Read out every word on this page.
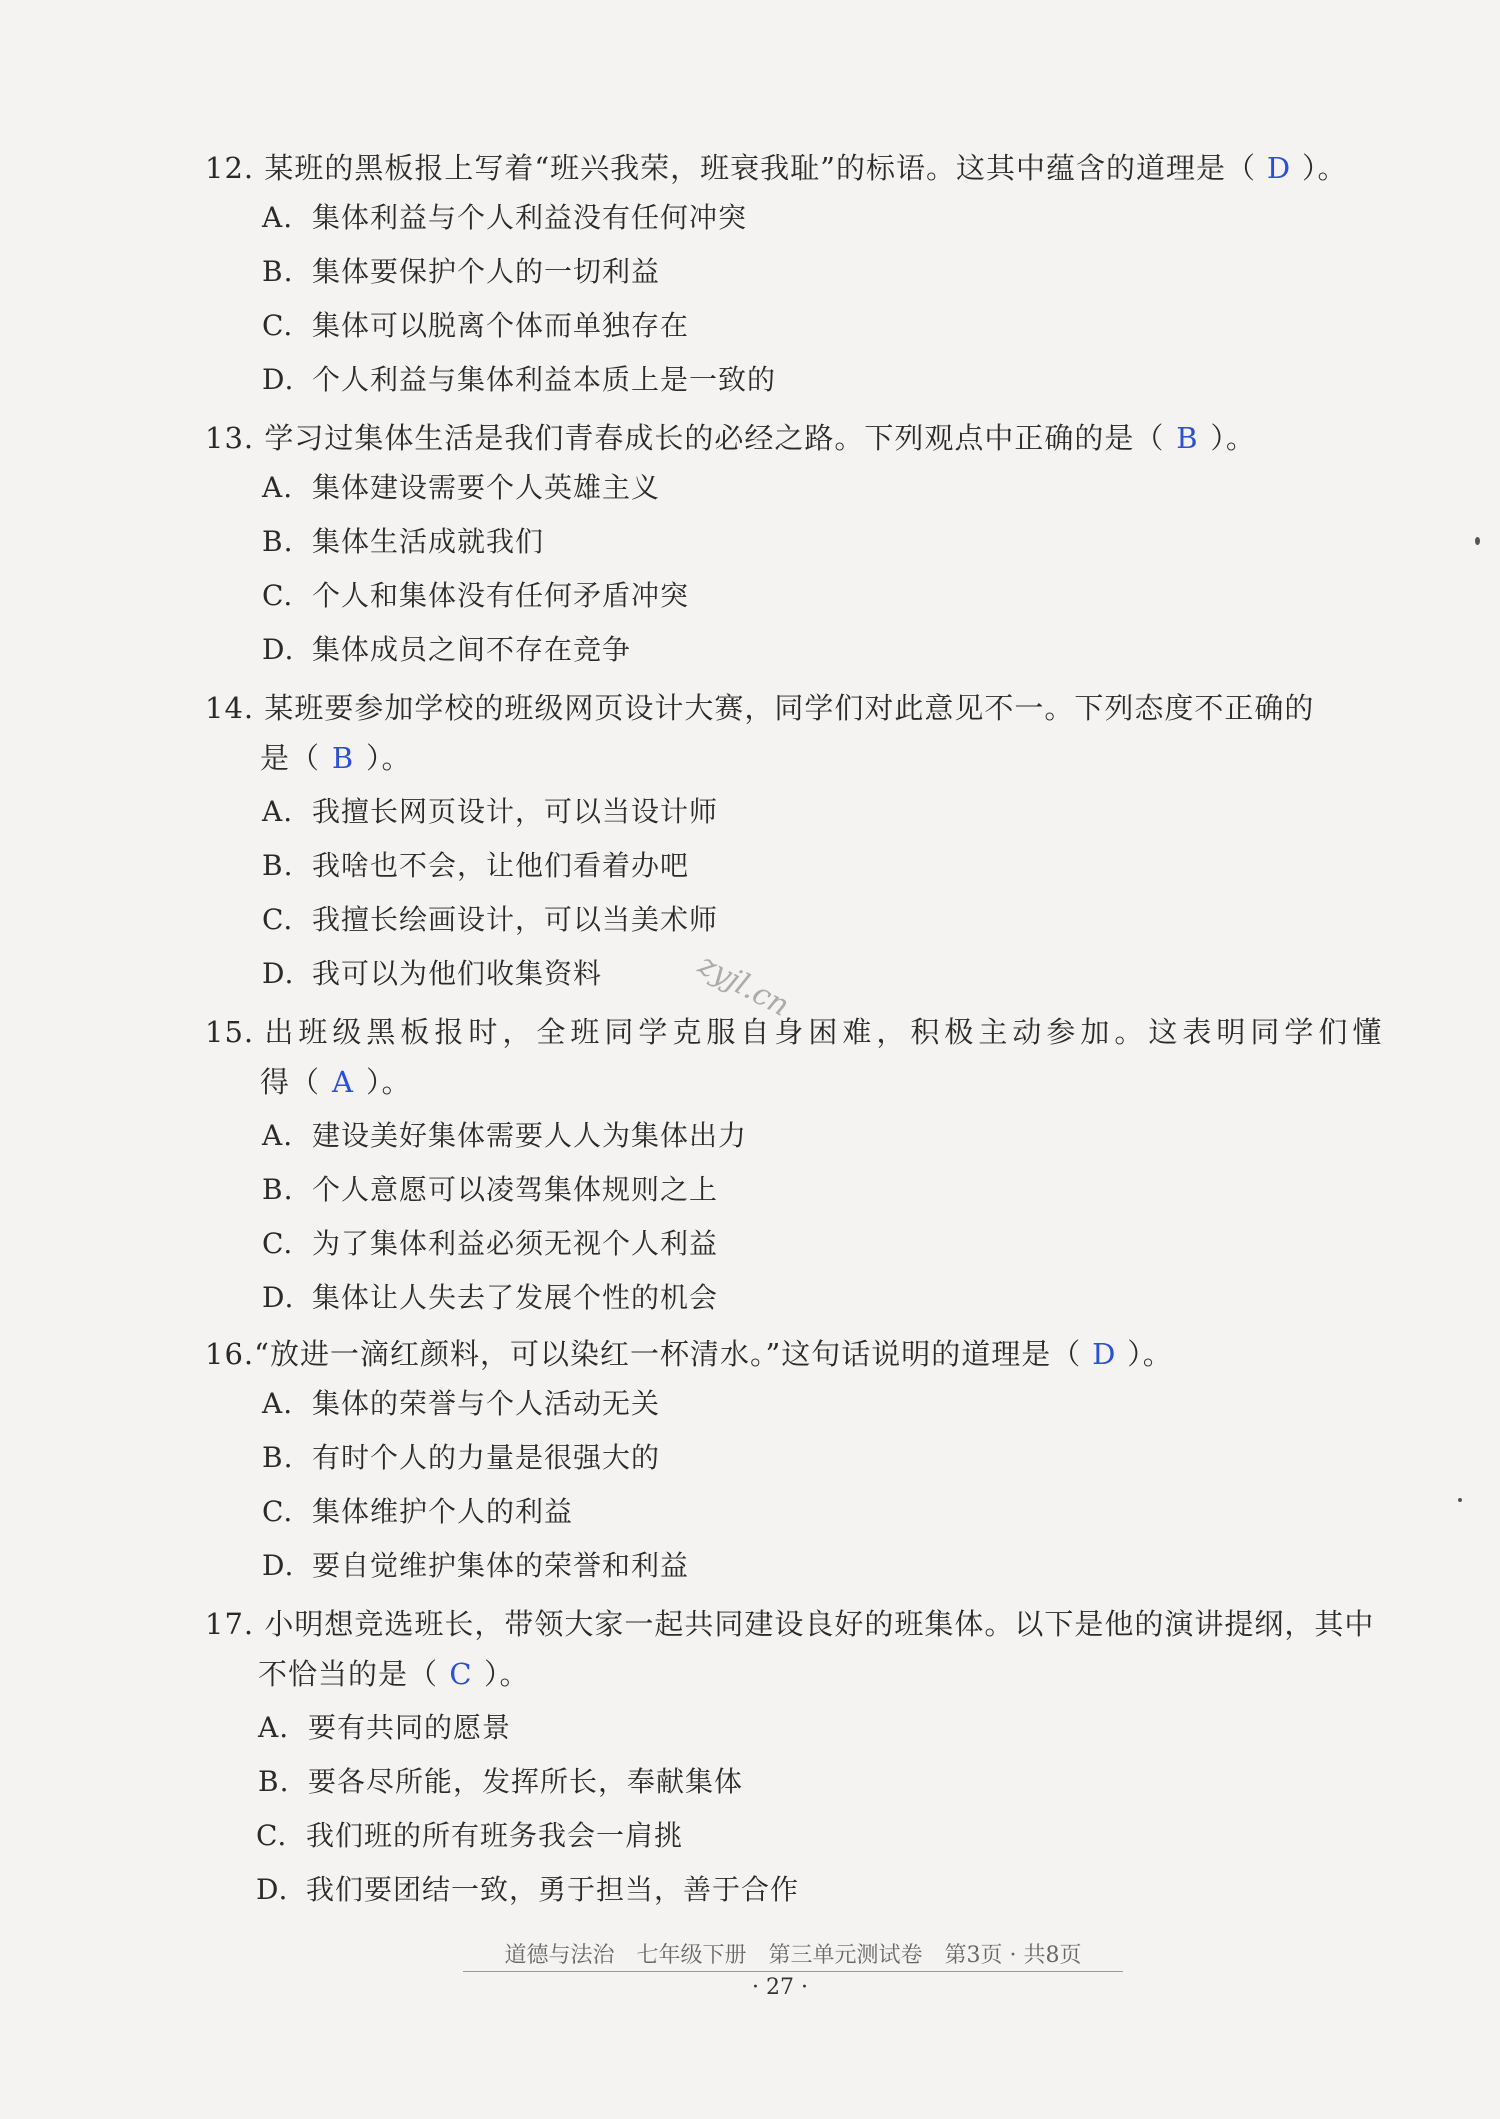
12. 某班的黑板报上写着“班兴我荣，班衰我耻”的标语。这其中蕴含的道理是（ D ）。
A. 集体利益与个人利益没有任何冲突
B. 集体要保护个人的一切利益
C. 集体可以脱离个体而单独存在
D. 个人利益与集体利益本质上是一致的
13. 学习过集体生活是我们青春成长的必经之路。下列观点中正确的是（ B ）。
A. 集体建设需要个人英雄主义
B. 集体生活成就我们
C. 个人和集体没有任何矛盾冲突
D. 集体成员之间不存在竞争
14. 某班要参加学校的班级网页设计大赛，同学们对此意见不一。下列态度不正确的
是（ B ）。
A. 我擅长网页设计，可以当设计师
B. 我啥也不会，让他们看着办吧
C. 我擅长绘画设计，可以当美术师
D. 我可以为他们收集资料
15. 出班级黑板报时，全班同学克服自身困难，积极主动参加。这表明同学们懂
得（ A ）。
A. 建设美好集体需要人人为集体出力
B. 个人意愿可以凌驾集体规则之上
C. 为了集体利益必须无视个人利益
D. 集体让人失去了发展个性的机会
16.“放进一滴红颜料，可以染红一杯清水。”这句话说明的道理是（ D ）。
A. 集体的荣誉与个人活动无关
B. 有时个人的力量是很强大的
C. 集体维护个人的利益
D. 要自觉维护集体的荣誉和利益
17. 小明想竞选班长，带领大家一起共同建设良好的班集体。以下是他的演讲提纲，其中
不恰当的是（ C ）。
A. 要有共同的愿景
B. 要各尽所能，发挥所长，奉献集体
C. 我们班的所有班务我会一肩挑
D. 我们要团结一致，勇于担当，善于合作
zyjl.cn
道德与法治　七年级下册　第三单元测试卷　第3页 · 共8页
· 27 ·
